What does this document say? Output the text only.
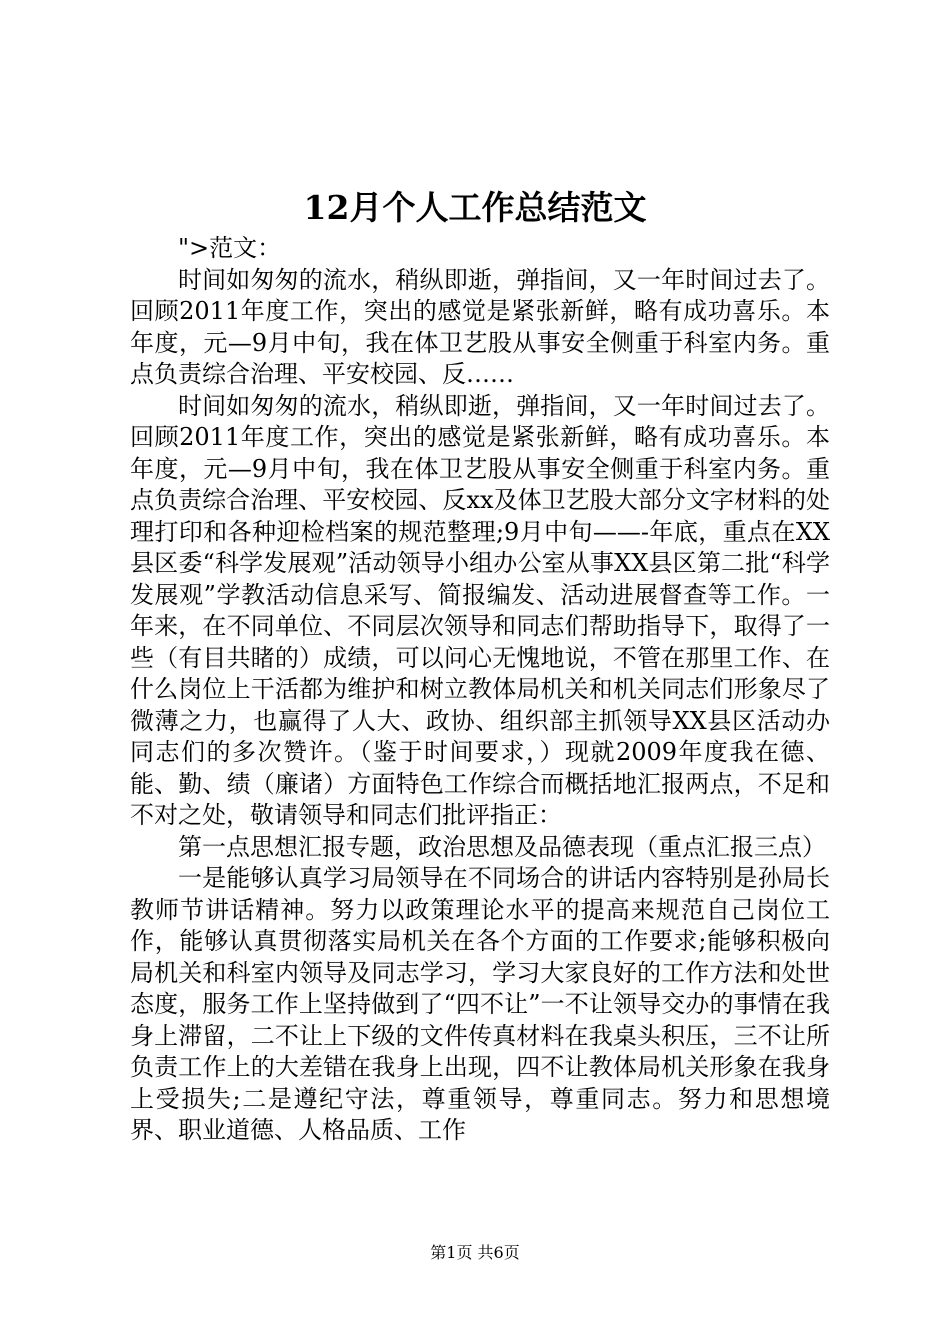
12月个人工作总结范文

">范文：

时间如匆匆的流水，稍纵即逝，弹指间，又一年时间过去了。回顾2011年度工作，突出的感觉是紧张新鲜，略有成功喜乐。本年度，元—9月中旬，我在体卫艺股从事安全侧重于科室内务。重点负责综合治理、平安校园、反……

时间如匆匆的流水，稍纵即逝，弹指间，又一年时间过去了。回顾2011年度工作，突出的感觉是紧张新鲜，略有成功喜乐。本年度，元—9月中旬，我在体卫艺股从事安全侧重于科室内务。重点负责综合治理、平安校园、反xx及体卫艺股大部分文字材料的处理打印和各种迎检档案的规范整理;9月中旬——-年底，重点在XX县区委“科学发展观”活动领导小组办公室从事XX县区第二批“科学发展观”学教活动信息采写、简报编发、活动进展督查等工作。一年来，在不同单位、不同层次领导和同志们帮助指导下，取得了一些（有目共睹的）成绩，可以问心无愧地说，不管在那里工作、在什么岗位上干活都为维护和树立教体局机关和机关同志们形象尽了微薄之力，也赢得了人大、政协、组织部主抓领导XX县区活动办同志们的多次赞许。（鉴于时间要求，）现就2009年度我在德、能、勤、绩（廉诸）方面特色工作综合而概括地汇报两点，不足和不对之处，敬请领导和同志们批评指正：

第一点思想汇报专题，政治思想及品德表现（重点汇报三点）

一是能够认真学习局领导在不同场合的讲话内容特别是孙局长教师节讲话精神。努力以政策理论水平的提高来规范自己岗位工作，能够认真贯彻落实局机关在各个方面的工作要求;能够积极向局机关和科室内领导及同志学习，学习大家良好的工作方法和处世态度，服务工作上坚持做到了“四不让”一不让领导交办的事情在我身上滞留，二不让上下级的文件传真材料在我桌头积压，三不让所负责工作上的大差错在我身上出现，四不让教体局机关形象在我身上受损失;二是遵纪守法，尊重领导，尊重同志。努力和思想境界、职业道德、人格品质、工作

第1页 共6页
